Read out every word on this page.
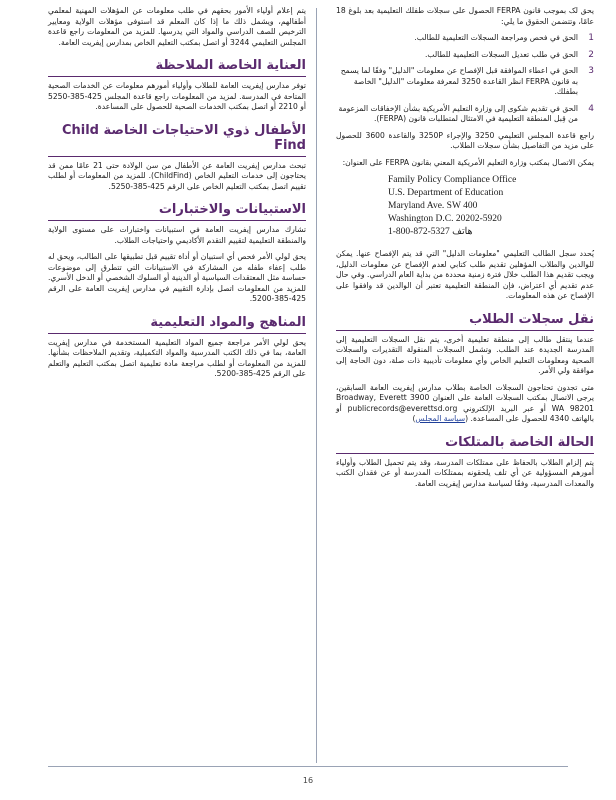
ﻳﺤﻖ لک ﺑﻤﻮﺟﺐ ﻗﺎﻧﻮﻥ FERPA ﺍﻟﺤﺼﻮﻝ ﻋﻠﻰ ﺳﺠﻼﺕ ﻃﻔﻠﻚ ﺍﻟﺘﻌﻠﻴﻤﻴﺔ ﺑﻌﺪ ﺑﻠﻮﻍ 18 ﻋﺎﻣًﺎ، ﻭﺗﺘﻀﻤﻦ ﺍﻟﺤﻘﻮﻕ ﻣﺎ ﻳﻠﻲ:

1
ﺍﻟﺤﻖ ﻓﻲ ﻓﺤﺺ ﻭﻣﺮﺍﺟﻌﺔ ﺍﻟﺴﺠﻼﺕ ﺍﻟﺘﻌﻠﻴﻤﻴﺔ ﻟﻠﻄﺎﻟﺐ.
2
ﺍﻟﺤﻖ ﻓﻲ ﻃﻠﺐ ﺗﻌﺪﻳﻞ ﺍﻟﺴﺠﻼﺕ ﺍﻟﺘﻌﻠﻴﻤﻴﺔ ﻟﻠﻄﺎﻟﺐ.
3
ﺍﻟﺤﻖ ﻓﻲ ﺍﻋﻄﺎﺀ ﺍﻟﻤﻮﺍﻓﻘﺔ ﻗﺒﻞ ﺍﻹﻓﺼﺎﺡ ﻋﻦ ﻣﻌﻠﻮﻣﺎﺕ "ﺍﻟﺪﻟﻴﻞ" ﻭﻓﻘًﺎ ﻟﻤﺎ ﻳﺴﻤﺢ ﺑﻪ ﻗﺎﻧﻮﻥ FERPA ﺍﻧﻈﺮ ﺍﻟﻘﺎﻋﺪﺓ 3250 ﻟﻤﻌﺮﻓﺔ ﻣﻌﻠﻮﻣﺎﺕ "ﺍﻟﺪﻟﻴﻞ" ﺍﻟﺨﺎﺻﺔ ﺑﻄﻔﻠﻚ.
4
ﺍﻟﺤﻖ ﻓﻲ ﺗﻘﺪﻳﻢ ﺷﻜﻮﻯ ﺇﻟﻰ ﻭﺯﺍﺭﺓ ﺍﻟﺘﻌﻠﻴﻢ ﺍﻷﻣﺮﻳﻜﻴﺔ ﺑﺸﺄﻥ ﺍﻹﺧﻔﺎﻗﺎﺕ ﺍﻟﻤﺰﻋﻮﻣﺔ ﻣﻦ ﻗِﺒﻞ ﺍﻟﻤﻨﻄﻘﺔ ﺍﻟﺘﻌﻠﻴﻤﻴﺔ ﻓﻲ ﺍﻻﻣﺘﺜﺎﻝ ﻟﻤﺘﻄﻠﺒﺎﺕ ﻗﺎﻧﻮﻥ (FERPA).

ﺭﺍﺟﻊ ﻗﺎﻋﺪﺓ ﺍﻟﻤﺠﻠﺲ ﺍﻟﺘﻌﻠﻴﻤﻲ 3250 ﻭﺍﻹﺟﺮﺍﺀ 3250P ﻭﺍﻟﻘﺎﻋﺪﺓ 3600 ﻟﻠﺤﺼﻮﻝ ﻋﻠﻰ ﻣﺰﻳﺪ ﻣﻦ ﺍﻟﺘﻔﺎﺻﻴﻞ ﺑﺸﺄﻥ ﺳﺠﻼﺕ ﺍﻟﻄﻼﺏ.

ﻳﻤﻜﻦ ﺍﻻﺗﺼﺎﻝ ﺑﻤﻜﺘﺐ ﻭﺯﺍﺭﺓ ﺍﻟﺘﻌﻠﻴﻢ ﺍﻷﻣﺮﻳﻜﻴﺔ ﺍﻟﻤﻌﻨﻲ ﺑﻘﺎﻧﻮﻥ FERPA ﻋﻠﻰ ﺍﻟﻌﻨﻮﺍﻥ:

Family Policy Compliance Office
U.S. Department of Education
Maryland Ave. SW 400
Washington D.C. 20202-5920
1-800-872-5327 ﻫﺎﺗﻒ

ﻳُﺤﺪﺩ ﺳﺠﻞ ﺍﻟﻄﺎﻟﺐ ﺍﻟﺘﻌﻠﻴﻤﻲ "ﻣﻌﻠﻮﻣﺎﺕ ﺍﻟﺪﻟﻴﻞ" ﺍﻟﺘﻲ ﻗﺪ ﻳﺘﻢ ﺍﻹﻓﺼﺎﺡ ﻋﻨﻬﺎ. ﻳﻤﻜﻦ ﻟﻠﻮﺍﻟﺪﻳﻦ ﻭﺍﻟﻄﻼﺏ ﺍﻟﻤﺆﻫﻠﻴﻦ ﺗﻘﺪﻳﻢ ﻃﻠﺐ ﻛﺘﺎﺑﻲ ﻟﻌﺪﻡ ﺍﻹﻓﺼﺎﺡ ﻋﻦ ﻣﻌﻠﻮﻣﺎﺕ ﺍﻟﺪﻟﻴﻞ، ﻭﻳﺠﺐ ﺗﻘﺪﻳﻢ ﻫﺬﺍ ﺍﻟﻄﻠﺐ ﺧﻼﻝ ﻓﺘﺮﺓ ﺯﻣﻨﻴﺔ ﻣﺤﺪﺩﺓ ﻣﻦ ﺑﺪﺍﻳﺔ ﺍﻟﻌﺎﻡ ﺍﻟﺪﺭﺍﺳﻲ. ﻭﻓﻲ ﺣﺎﻝ ﻋﺪﻡ ﺗﻘﺪﻳﻢ ﺃﻱ ﺍﻋﺘﺮﺍﺽ، ﻓﺈﻥ ﺍﻟﻤﻨﻄﻘﺔ ﺍﻟﺘﻌﻠﻴﻤﻴﺔ ﺗﻌﺘﺒﺮ ﺃﻥ ﺍﻟﻮﺍﻟﺪﻳﻦ ﻗﺪ ﻭﺍﻓﻘﻮﺍ ﻋﻠﻰ ﺍﻹﻓﺼﺎﺡ ﻋﻦ ﻫﺬﻩ ﺍﻟﻤﻌﻠﻮﻣﺎﺕ.

ﻧﻘﻞ ﺳﺠﻼﺕ ﺍﻟﻄﻼﺏ

ﻋﻨﺪﻣﺎ ﻳﻨﺘﻘﻞ ﻃﺎﻟﺐ ﺇﻟﻰ ﻣﻨﻄﻘﺔ ﺗﻌﻠﻴﻤﻴﺔ ﺃﺧﺮﻯ، ﻳﺘﻢ ﻧﻘﻞ ﺍﻟﺴﺠﻼﺕ ﺍﻟﺘﻌﻠﻴﻤﻴﺔ ﺇﻟﻰ ﺍﻟﻤﺪﺭﺳﺔ ﺍﻟﺠﺪﻳﺪﺓ ﻋﻨﺪ ﺍﻟﻄﻠﺐ. ﻭﺗﺸﻤﻞ ﺍﻟﺴﺠﻼﺕ ﺍﻟﻤﻨﻘﻮﻟﺔ ﺍﻟﺘﻘﺪﻳﺮﺍﺕ ﻭﺍﻟﺴﺠﻼﺕ ﺍﻟﺼﺤﻴﺔ ﻭﻣﻌﻠﻮﻣﺎﺕ ﺍﻟﺘﻌﻠﻴﻢ ﺍﻟﺨﺎﺹ ﻭﺃﻱ ﻣﻌﻠﻮﻣﺎﺕ ﺗﺄﺩﻳﺒﻴﺔ ﺫﺍﺕ ﺻﻠﺔ، ﺩﻭﻥ ﺍﻟﺤﺎﺟﺔ ﺇﻟﻰ ﻣﻮﺍﻓﻘﺔ ﻭﻟﻲ ﺍﻷﻣﺮ.

ﻣﺘﻰ ﺗﺠﺪﻭﻥ ﺗﺤﺘﺎﺟﻮﻥ ﺍﻟﺴﺠﻼﺕ ﺍﻟﺨﺎﺻﺔ ﺑﻄﻼﺏ ﻣﺪﺍﺭﺱ ﺇﻳﻔﺮﻳﺖ ﺍﻟﻌﺎﻣﺔ ﺍﻟﺴﺎﺑﻘﻴﻦ، ﻳﺮﺟﻰ ﺍﻻﺗﺼﺎﻝ ﺑﻤﻜﺘﺐ ﺍﻟﺴﺠﻼﺕ ﺍﻟﻌﺎﻣﺔ ﻋﻠﻰ ﺍﻟﻌﻨﻮﺍﻥ Broadway, Everett 3900 WA 98201 ﺃﻭ ﻋﺒﺮ ﺍﻟﺒﺮﻳﺪ ﺍﻹﻟﻜﺘﺮﻭﻧﻲ publicrecords@everettsd.org ﺃﻭ ﺑﺎﻟﻬﺎﺗﻒ 4340 ﻟﻠﺤﺼﻮﻝ ﻋﻠﻰ ﺍﻟﻤﺴﺎﻋﺪﺓ. (ﺳﻴﺎﺳﺔ ﺍﻟﻤﺠﻠﺲ)

ﺍﻟﺤﺎﻟﺔ ﺍﻟﺨﺎﺻﺔ ﺑﺎﻟﻤﺘﻠﻜﺎﺕ

ﻳﺘﻢ ﺇﻟﺰﺍﻡ ﺍﻟﻄﻼﺏ ﺑﺎﻟﺤﻔﺎﻅ ﻋﻠﻰ ﻣﻤﺘﻠﻜﺎﺕ ﺍﻟﻤﺪﺭﺳﺔ، ﻭﻗﺪ ﻳﺘﻢ ﺗﺤﻤﻴﻞ ﺍﻟﻄﻼﺏ ﻭﺃﻭﻟﻴﺎﺀ ﺃﻣﻮﺭﻫﻢ ﺍﻟﻤﺴﺆﻭﻟﻴﺔ ﻋﻦ ﺃﻱ ﺗﻠﻒ ﻳﻠﺤﻘﻮﻧﻪ ﺑﻤﻤﺘﻠﻜﺎﺕ ﺍﻟﻤﺪﺭﺳﺔ ﺃﻭ ﻋﻦ ﻓﻘﺪﺍﻥ ﺍﻟﻜﺘﺐ ﻭﺍﻟﻤﻌﺪﺍﺕ ﺍﻟﻤﺪﺭﺳﻴﺔ، ﻭﻓﻘًﺎ ﻟﺴﻴﺎﺳﺔ ﻣﺪﺍﺭﺱ ﺇﻳﻔﺮﻳﺖ ﺍﻟﻌﺎﻣﺔ.

ﻳﺘﻢ ﺇﻋﻼﻡ ﺃﻭﻟﻴﺎﺀ ﺍﻷﻣﻮﺭ ﺑﺤﻘﻬﻢ ﻓﻲ ﻃﻠﺐ ﻣﻌﻠﻮﻣﺎﺕ ﻋﻦ ﺍﻟﻤﺆﻫﻼﺕ ﺍﻟﻤﻬﻨﻴﺔ ﻟﻤﻌﻠﻤﻲ ﺃﻃﻔﺎﻟﻬﻢ، ﻭﻳﺸﻤﻞ ﺫﻟﻚ ﻣﺎ ﺇﺫﺍ ﻛﺎﻥ ﺍﻟﻤﻌﻠﻢ ﻗﺪ ﺍﺳﺘﻮﻓﻰ ﻣﺆﻫﻼﺕ ﺍﻟﻮﻻﻳﺔ ﻭﻣﻌﺎﻳﻴﺮ ﺍﻟﺘﺮﺧﻴﺺ ﻟﻠﺼﻒ ﺍﻟﺪﺭﺍﺳﻲ ﻭﺍﻟﻤﻮﺍﺩ ﺍﻟﺘﻲ ﻳﺪﺭﺳﻬﺎ. ﻟﻠﻤﺰﻳﺪ ﻣﻦ ﺍﻟﻤﻌﻠﻮﻣﺎﺕ ﺭﺍﺟﻊ ﻗﺎﻋﺪﺓ ﺍﻟﻤﺠﻠﺲ ﺍﻟﺘﻌﻠﻴﻤﻲ 3244 ﺃﻭ ﺍﺗﺼﻞ ﺑﻤﻜﺘﺐ ﺍﻟﺘﻌﻠﻴﻢ ﺍﻟﺨﺎﺹ ﺑﻤﺪﺍﺭﺱ ﺇﻳﻔﺮﻳﺖ ﺍﻟﻌﺎﻣﺔ.

ﺍﻟﻌﻨﺎﻳﺔ ﺍﻟﺨﺎﺻﺔ ﺍﻟﻤﻼﺣﻈﺔ

ﺗﻮﻓﺮ ﻣﺪﺍﺭﺱ ﺇﻳﻔﺮﻳﺖ ﺍﻟﻌﺎﻣﺔ ﻟﻠﻄﻼﺏ ﻭﺃﻭﻟﻴﺎﺀ ﺃﻣﻮﺭﻫﻢ ﻣﻌﻠﻮﻣﺎﺕ ﻋﻦ ﺍﻟﺨﺪﻣﺎﺕ ﺍﻟﺼﺤﻴﺔ ﺍﻟﻤﺘﺎﺣﺔ ﻓﻲ ﺍﻟﻤﺪﺭﺳﺔ. ﻟﻤﺰﻳﺪ ﻣﻦ ﺍﻟﻤﻌﻠﻮﻣﺎﺕ ﺭﺍﺟﻊ ﻗﺎﻋﺪﺓ ﺍﻟﻤﺠﻠﺲ 425-385-5250 ﺃﻭ 2210 ﺃﻭ ﺍﺗﺼﻞ ﺑﻤﻜﺘﺐ ﺍﻟﺨﺪﻣﺎﺕ ﺍﻟﺼﺤﻴﺔ ﻟﻠﺤﺼﻮﻝ ﻋﻠﻰ ﺍﻟﻤﺴﺎﻋﺪﺓ.

ﺍﻷﻃﻔﺎﻝ ﺫﻭﻱ ﺍﻻﺣﺘﻴﺎﺟﺎﺕ ﺍﻟﺨﺎﺻﺔ Child Find

ﺗﺒﺤﺚ ﻣﺪﺍﺭﺱ ﺇﻳﻔﺮﻳﺖ ﺍﻟﻌﺎﻣﺔ ﻋﻦ ﺍﻷﻃﻔﺎﻝ ﻣﻦ ﺳﻦ ﺍﻟﻮﻻﺩﺓ ﺣﺘﻰ 21 ﻋﺎﻣًﺎ ﻣﻤﻦ ﻗﺪ ﻳﺤﺘﺎﺟﻮﻥ ﺇﻟﻰ ﺧﺪﻣﺎﺕ ﺍﻟﺘﻌﻠﻴﻢ ﺍﻟﺨﺎﺹ (ChildFind). ﻟﻠﻤﺰﻳﺪ ﻣﻦ ﺍﻟﻤﻌﻠﻮﻣﺎﺕ ﺃﻭ ﻟﻄﻠﺐ ﺗﻘﻴﻴﻢ ﺍﺗﺼﻞ ﺑﻤﻜﺘﺐ ﺍﻟﺘﻌﻠﻴﻢ ﺍﻟﺨﺎﺹ ﻋﻠﻰ ﺍﻟﺮﻗﻢ 425-385-5250.

ﺍﻻﺳﺘﺒﻴﺎﻧﺎﺕ ﻭﺍﻻﺧﺘﺒﺎﺭﺍﺕ

ﺗﺸﺎﺭﻙ ﻣﺪﺍﺭﺱ ﺇﻳﻔﺮﻳﺖ ﺍﻟﻌﺎﻣﺔ ﻓﻲ ﺍﺳﺘﺒﻴﺎﻧﺎﺕ ﻭﺍﺧﺘﺒﺎﺭﺍﺕ ﻋﻠﻰ ﻣﺴﺘﻮﻯ ﺍﻟﻮﻻﻳﺔ ﻭﺍﻟﻤﻨﻄﻘﺔ ﺍﻟﺘﻌﻠﻴﻤﻴﺔ ﻟﺘﻘﻴﻴﻢ ﺍﻟﺘﻘﺪﻡ ﺍﻷﻛﺎﺩﻳﻤﻲ ﻭﺍﺣﺘﻴﺎﺟﺎﺕ ﺍﻟﻄﻼﺏ.

ﻳﺤﻖ ﻟﻮﻟﻲ ﺍﻷﻣﺮ ﻓﺤﺺ ﺃﻱ ﺍﺳﺘﺒﻴﺎﻥ ﺃﻭ ﺃﺩﺍﺓ ﺗﻘﻴﻴﻢ ﻗﺒﻞ ﺗﻄﺒﻴﻘﻬﺎ ﻋﻠﻰ ﺍﻟﻄﺎﻟﺐ، ﻭﻳﺤﻖ ﻟﻪ ﻃﻠﺐ ﺇﻋﻔﺎﺀ ﻃﻔﻠﻪ ﻣﻦ ﺍﻟﻤﺸﺎﺭﻛﺔ ﻓﻲ ﺍﻻﺳﺘﺒﻴﺎﻧﺎﺕ ﺍﻟﺘﻲ ﺗﺘﻄﺮﻕ ﺇﻟﻰ ﻣﻮﺿﻮﻋﺎﺕ ﺣﺴﺎﺳﺔ ﻣﺜﻞ ﺍﻟﻤﻌﺘﻘﺪﺍﺕ ﺍﻟﺴﻴﺎﺳﻴﺔ ﺃﻭ ﺍﻟﺪﻳﻨﻴﺔ ﺃﻭ ﺍﻟﺴﻠﻮﻙ ﺍﻟﺸﺨﺼﻲ ﺃﻭ ﺍﻟﺪﺧﻞ ﺍﻷﺳﺮﻱ. ﻟﻠﻤﺰﻳﺪ ﻣﻦ ﺍﻟﻤﻌﻠﻮﻣﺎﺕ ﺍﺗﺼﻞ ﺑﺈﺩﺍﺭﺓ ﺍﻟﺘﻘﻴﻴﻢ ﻓﻲ ﻣﺪﺍﺭﺱ ﺇﻳﻔﺮﻳﺖ ﺍﻟﻌﺎﻣﺔ ﻋﻠﻰ ﺍﻟﺮﻗﻢ 425-385-5200.

ﺍﻟﻤﻨﺎﻫﺞ ﻭﺍﻟﻤﻮﺍﺩ ﺍﻟﺘﻌﻠﻴﻤﻴﺔ

ﻳﺤﻖ ﻟﻮﻟﻲ ﺍﻷﻣﺮ ﻣﺮﺍﺟﻌﺔ ﺟﻤﻴﻊ ﺍﻟﻤﻮﺍﺩ ﺍﻟﺘﻌﻠﻴﻤﻴﺔ ﺍﻟﻤﺴﺘﺨﺪﻣﺔ ﻓﻲ ﻣﺪﺍﺭﺱ ﺇﻳﻔﺮﻳﺖ ﺍﻟﻌﺎﻣﺔ، ﺑﻤﺎ ﻓﻲ ﺫﻟﻚ ﺍﻟﻜﺘﺐ ﺍﻟﻤﺪﺭﺳﻴﺔ ﻭﺍﻟﻤﻮﺍﺩ ﺍﻟﺘﻜﻤﻴﻠﻴﺔ، ﻭﺗﻘﺪﻳﻢ ﺍﻟﻤﻼﺣﻈﺎﺕ ﺑﺸﺄﻧﻬﺎ. ﻟﻠﻤﺰﻳﺪ ﻣﻦ ﺍﻟﻤﻌﻠﻮﻣﺎﺕ ﺃﻭ ﻟﻄﻠﺐ ﻣﺮﺍﺟﻌﺔ ﻣﺎﺩﺓ ﺗﻌﻠﻴﻤﻴﺔ ﺍﺗﺼﻞ ﺑﻤﻜﺘﺐ ﺍﻟﺘﻌﻠﻴﻢ ﻭﺍﻟﺘﻌﻠﻢ ﻋﻠﻰ ﺍﻟﺮﻗﻢ 425-385-5200.

16
